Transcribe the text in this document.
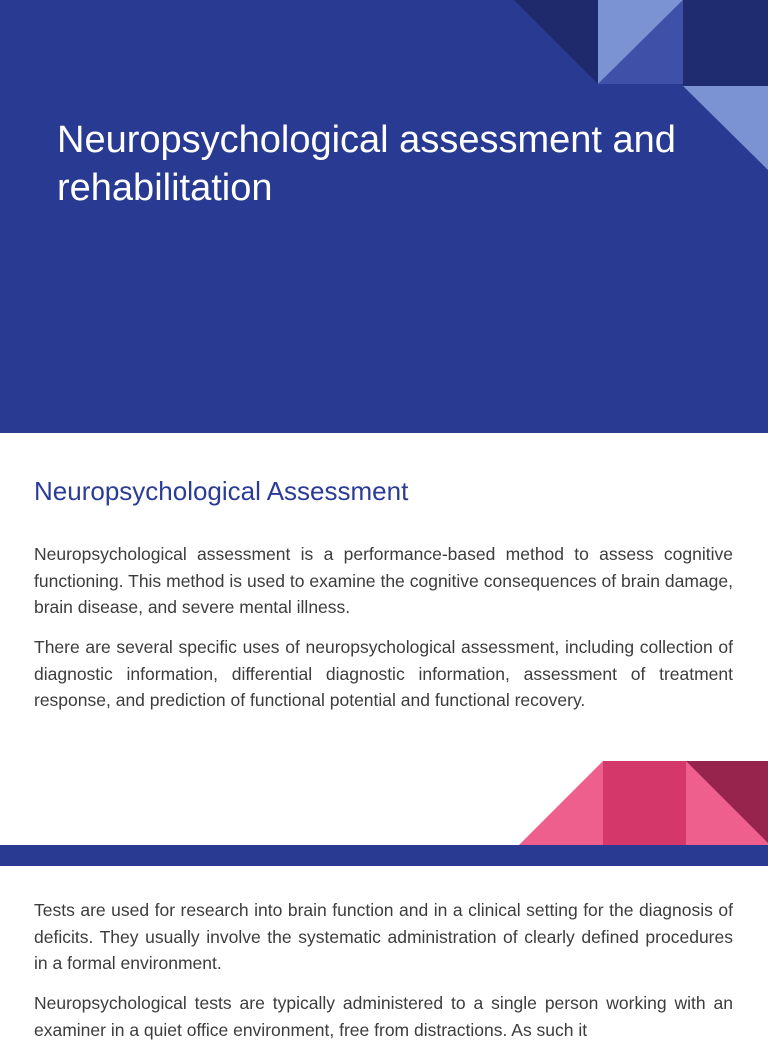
Neuropsychological assessment and rehabilitation
Neuropsychological Assessment

Neuropsychological assessment is a performance-based method to assess cognitive functioning. This method is used to examine the cognitive consequences of brain damage, brain disease, and severe mental illness.

There are several specific uses of neuropsychological assessment, including collection of diagnostic information, differential diagnostic information, assessment of treatment response, and prediction of functional potential and functional recovery.

Tests are used for research into brain function and in a clinical setting for the diagnosis of deficits. They usually involve the systematic administration of clearly defined procedures in a formal environment.

Neuropsychological tests are typically administered to a single person working with an examiner in a quiet office environment, free from distractions. As such it
